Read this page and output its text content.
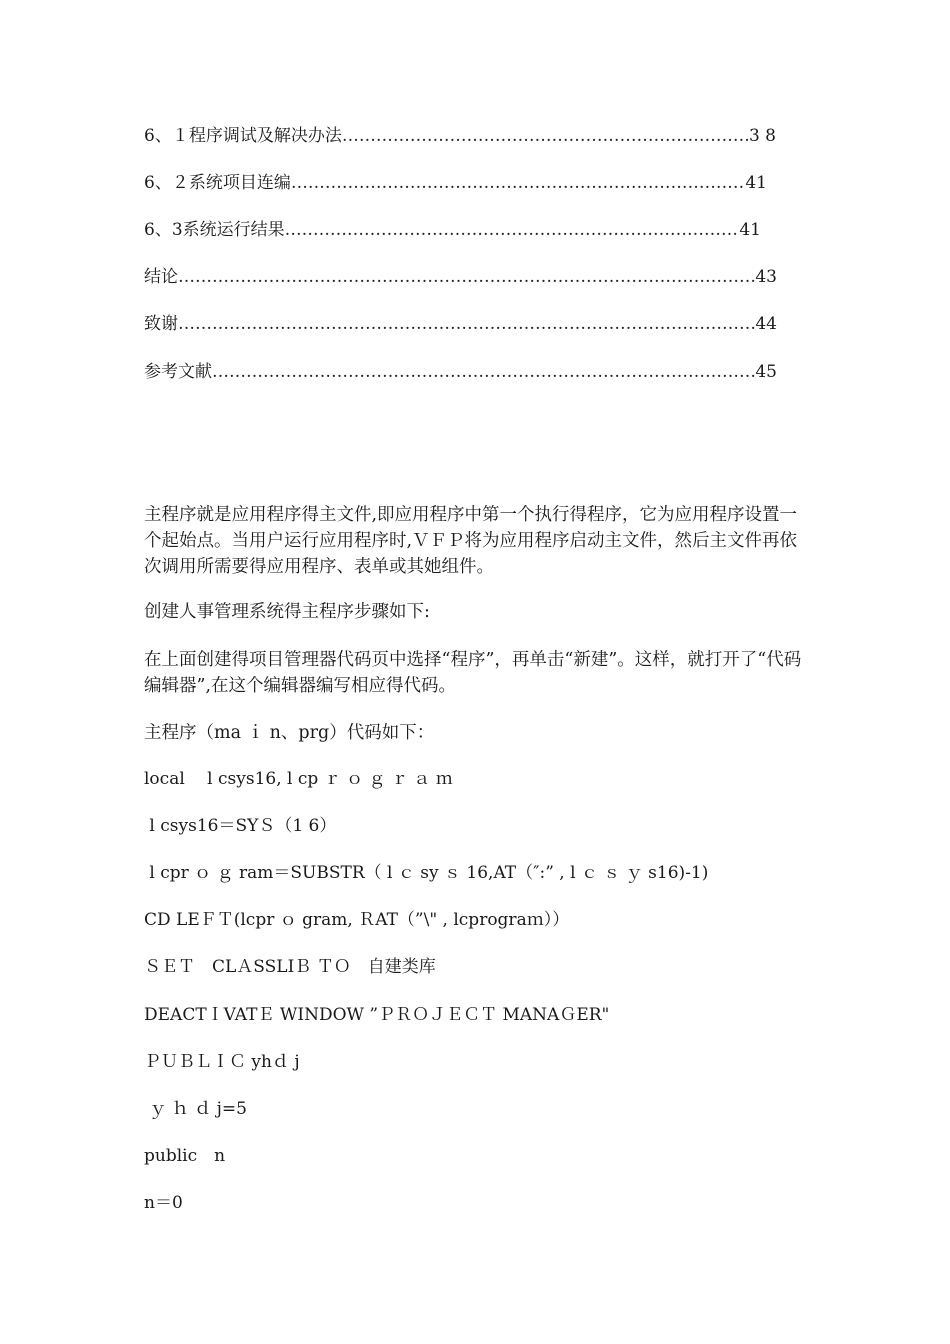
6、１程序调试及解决办法 ……………………………………………………………………………………………………………………………………………………………………………………………………	3 8
6、２系统项目连编 ……………………………………………………………………………………………………………………………………………………………………………………………………	41
6、3系统运行结果 ……………………………………………………………………………………………………………………………………………………………………………………………………	41
结论 ……………………………………………………………………………………………………………………………………………………………………………………………………	43
致谢 ……………………………………………………………………………………………………………………………………………………………………………………………………	44
参考文献 ……………………………………………………………………………………………………………………………………………………………………………………………………	45
主程序就是应用程序得主文件,即应用程序中第一个执行得程序，它为应用程序设置一个起始点。当用户运行应用程序时,ＶＦＰ将为应用程序启动主文件，然后主文件再依次调用所需要得应用程序、表单或其她组件。
创建人事管理系统得主程序步骤如下:
在上面创建得项目管理器代码页中选择“程序”，再单击“新建”。这样，就打开了“代码编辑器”,在这个编辑器编写相应得代码。
主程序（ma ｉ n、prg）代码如下：
local　 l csys16, l cp ｒ ｏ ｇ ｒ ａ ｍ
l csys16＝SYＳ（1 6）
l cpr ｏ ｇ ram＝SUBSTR（ l ｃ sy ｓ 16,AT（″:” , l ｃ ｓ ｙ s16)-1)
CD LEＦＴ(lcpr ｏ gram, ＲAT（”\" , lcprograｍ））
ＳＥＴ　CLＡSSLIＢ ＴＯ　自建类库
DEACTＩVATＥ WINDOW ”ＰＲＯＪＥＣＴ MANAＧER"
ＰＵＢＬＩＣ yhｄ j
ｙ ｈ ｄ j=5
public　n
n＝0
